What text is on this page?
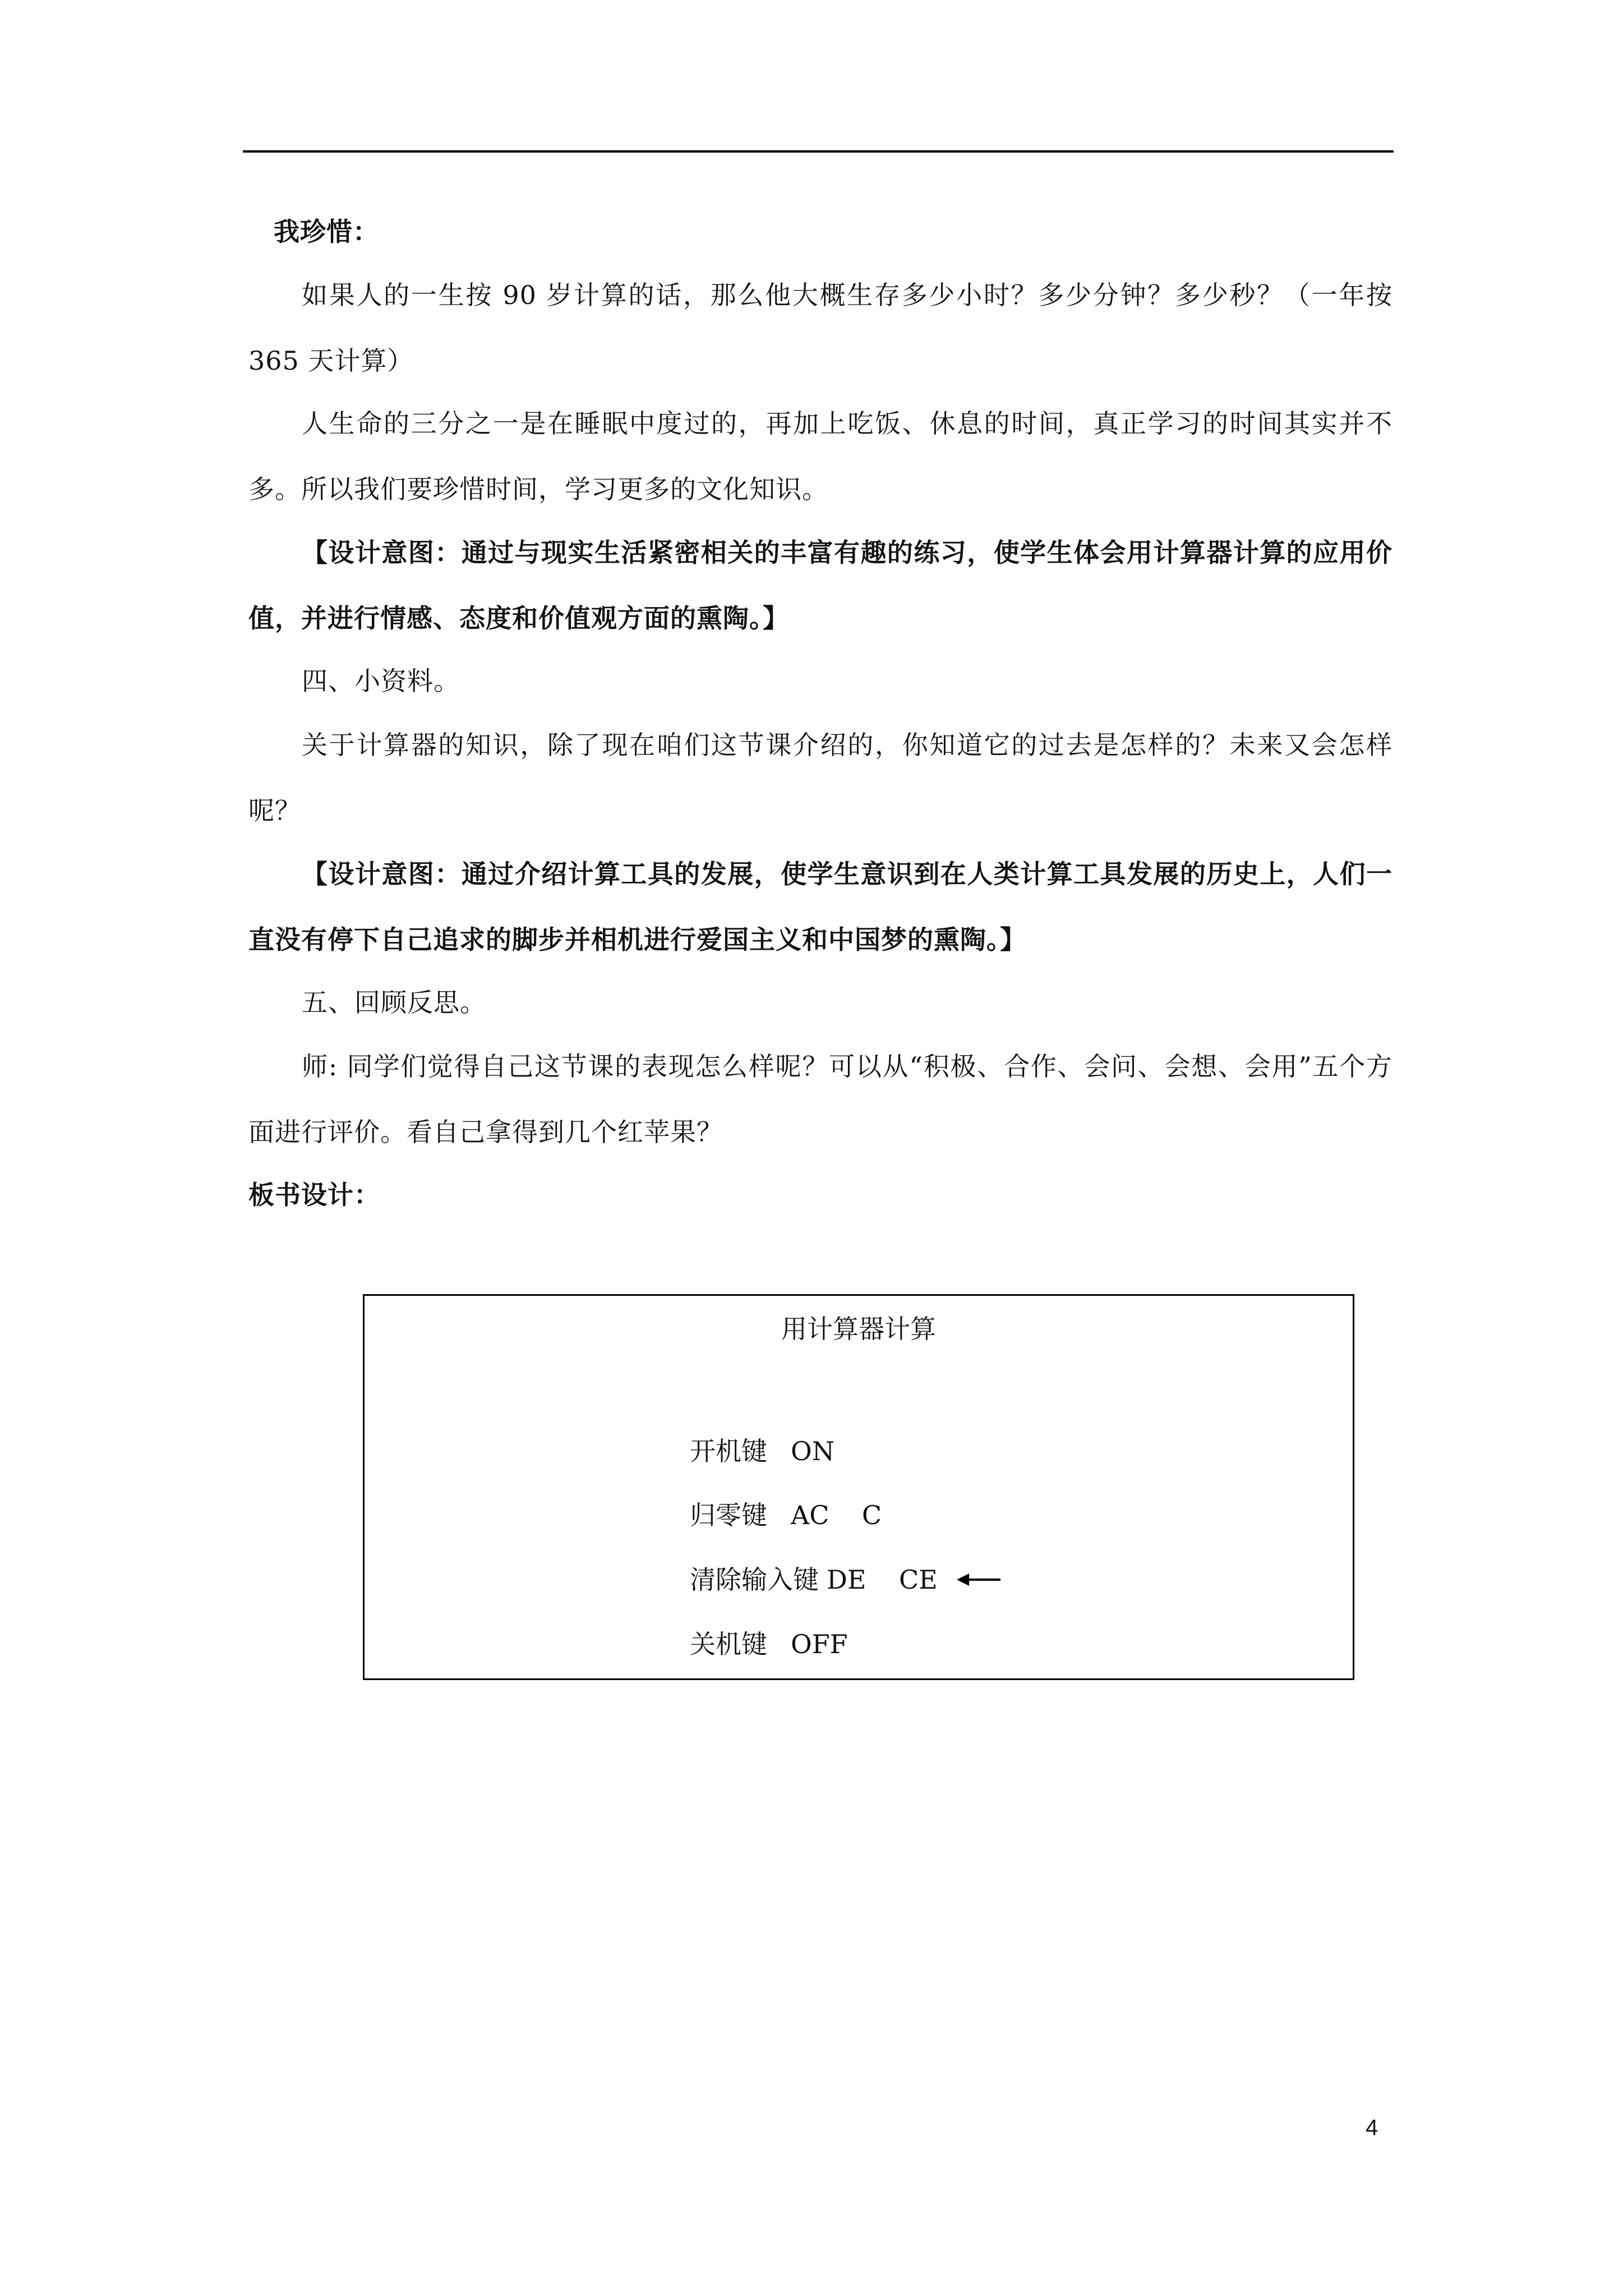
我珍惜：

如果人的一生按 90 岁计算的话，那么他大概生存多少小时？多少分钟？多少秒？（一年按 365 天计算）

人生命的三分之一是在睡眠中度过的，再加上吃饭、休息的时间，真正学习的时间其实并不多。所以我们要珍惜时间，学习更多的文化知识。

【设计意图：通过与现实生活紧密相关的丰富有趣的练习，使学生体会用计算器计算的应用价值，并进行情感、态度和价值观方面的熏陶。】

四、小资料。

关于计算器的知识，除了现在咱们这节课介绍的，你知道它的过去是怎样的？未来又会怎样呢？

【设计意图：通过介绍计算工具的发展，使学生意识到在人类计算工具发展的历史上，人们一直没有停下自己追求的脚步并相机进行爱国主义和中国梦的熏陶。】

五、回顾反思。

师: 同学们觉得自己这节课的表现怎么样呢？可以从“积极、合作、会问、会想、会用”五个方面进行评价。看自己拿得到几个红苹果？

板书设计：

用计算器计算
开机键 ON
归零键 AC    C
清除输入键 DE    CE
关机键 OFF
4
